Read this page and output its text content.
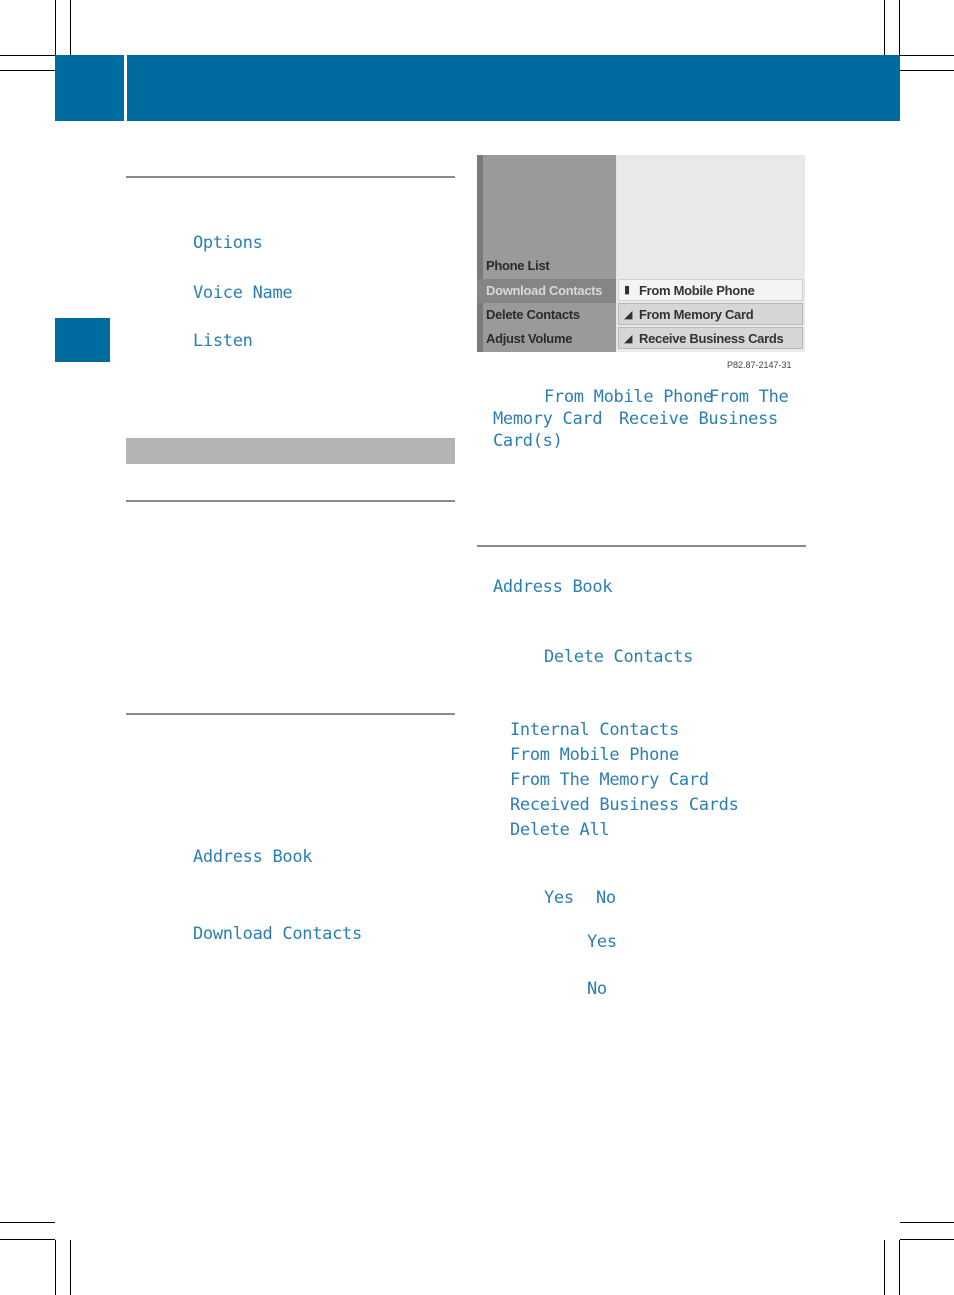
Options
Voice Name
Listen
Address Book
Download Contacts
Phone List
Download Contacts
Delete Contacts
Adjust Volume
▮
◢
◢
From Mobile Phone
From Memory Card
Receive Business Cards
P82.87-2147-31
From Mobile Phone
From The Memory Card Receive Business Card(s)
Address Book
Delete Contacts
Internal Contacts
From Mobile Phone
From The Memory Card
Received Business Cards
Delete All
Yes No
Yes
No
